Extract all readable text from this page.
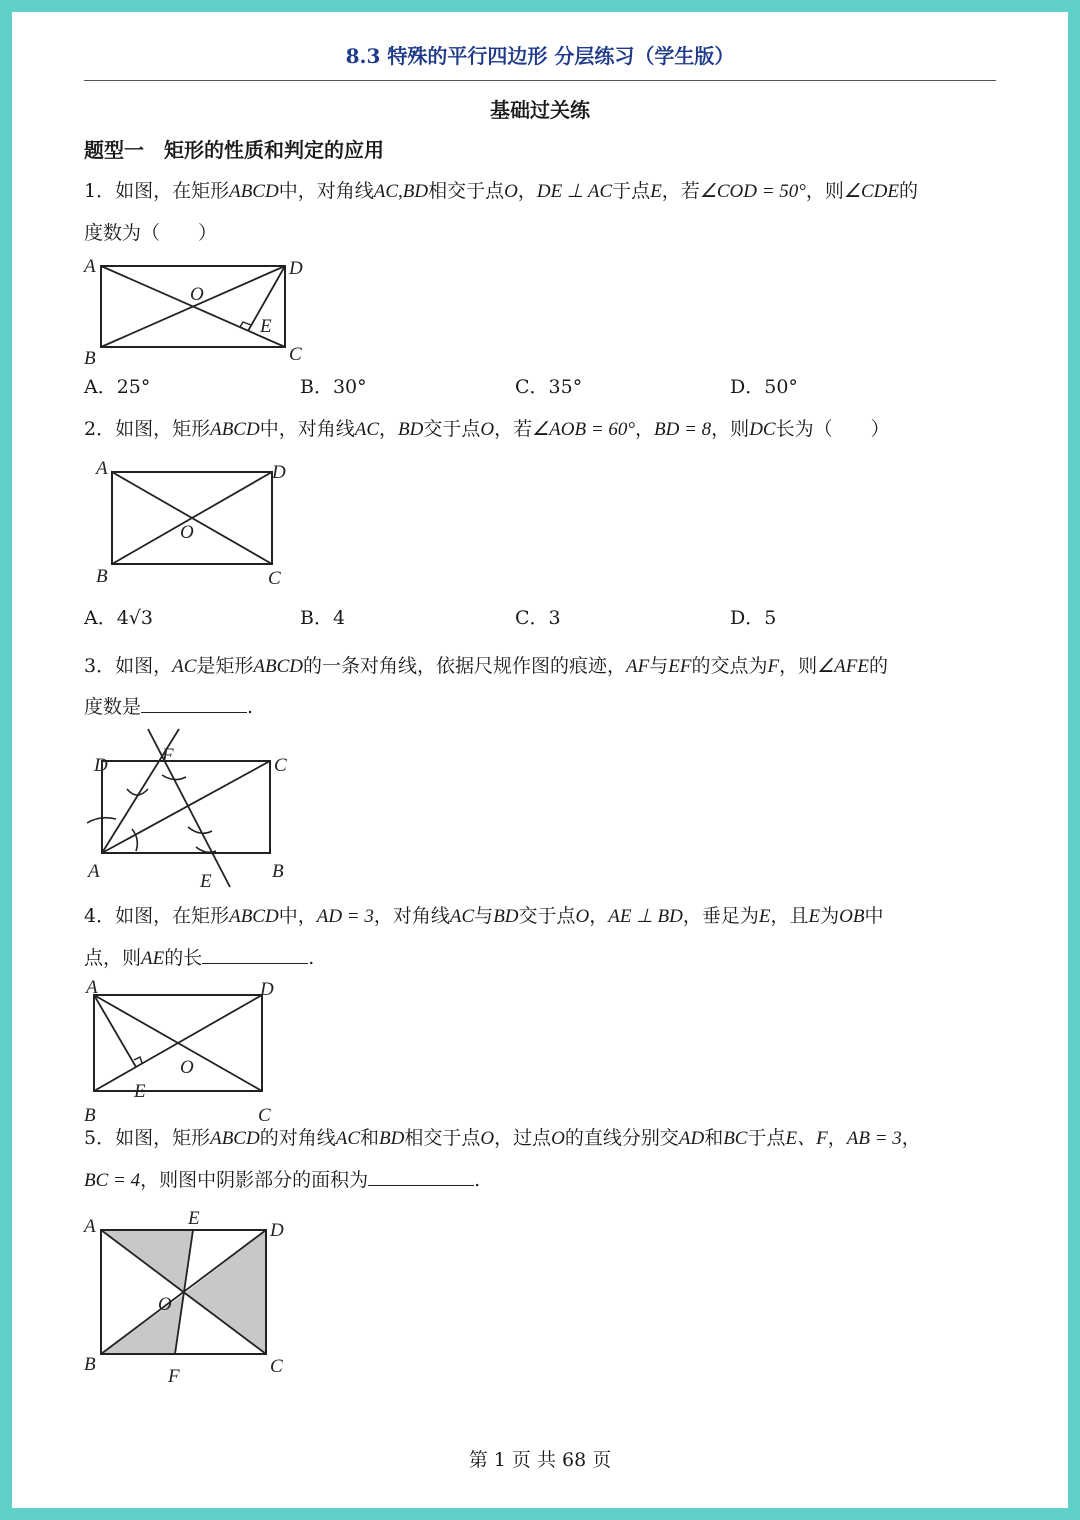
8.3 特殊的平行四边形 分层练习（学生版）
基础过关练
题型一　矩形的性质和判定的应用
1．如图，在矩形ABCD中，对角线AC,BD相交于点O，DE ⊥ AC于点E，若∠COD = 50°，则∠CDE的
度数为（　　）
A	D
O
E
B	C
A．25°	B．30°	C．35°	D．50°
2．如图，矩形ABCD中，对角线AC，BD交于点O，若∠AOB = 60°，BD = 8，则DC长为（　　）
A	D
O
B	C
A．4√3	B．4	C．3	D．5
3．如图，AC是矩形ABCD的一条对角线，依据尺规作图的痕迹，AF与EF的交点为F，则∠AFE的
度数是	.
D	F	C
A	E	B
4．如图，在矩形ABCD中，AD = 3，对角线AC与BD交于点O，AE ⊥ BD，垂足为E，且E为OB中
点，则AE的长	.
A	D
O
E
B	C
5．如图，矩形ABCD的对角线AC和BD相交于点O，过点O的直线分别交AD和BC于点E、F，AB = 3，
BC = 4，则图中阴影部分的面积为	.
A	E
D
O
B
F	C
第 1 页 共 68 页
